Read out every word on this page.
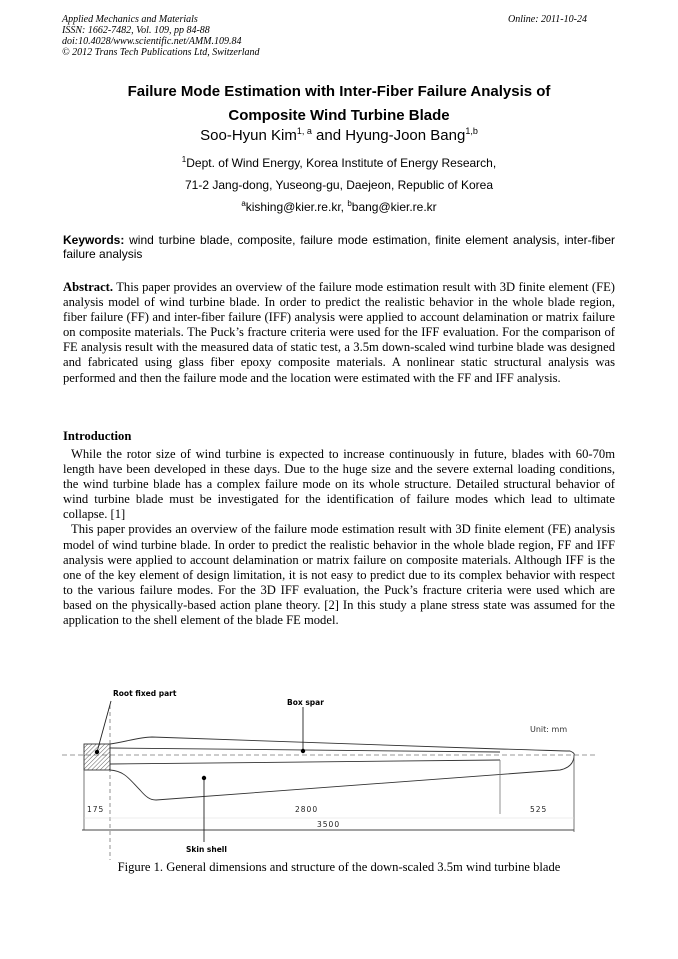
Applied Mechanics and Materials
ISSN: 1662-7482, Vol. 109, pp 84-88
doi:10.4028/www.scientific.net/AMM.109.84
© 2012 Trans Tech Publications Ltd, Switzerland
Online: 2011-10-24
Failure Mode Estimation with Inter-Fiber Failure Analysis of
Composite Wind Turbine Blade
Soo-Hyun Kim$^{1, a}$ and Hyung-Joon Bang$^{1,b}$
$^1$Dept. of Wind Energy, Korea Institute of Energy Research,
71-2 Jang-dong, Yuseong-gu, Daejeon, Republic of Korea
$^a$kishing@kier.re.kr, $^b$bang@kier.re.kr
Keywords: wind turbine blade, composite, failure mode estimation, finite element analysis, inter-fiber failure analysis
Abstract. This paper provides an overview of the failure mode estimation result with 3D finite element (FE) analysis model of wind turbine blade. In order to predict the realistic behavior in the whole blade region, fiber failure (FF) and inter-fiber failure (IFF) analysis were applied to account delamination or matrix failure on composite materials. The Puck’s fracture criteria were used for the IFF evaluation. For the comparison of FE analysis result with the measured data of static test, a 3.5m down-scaled wind turbine blade was designed and fabricated using glass fiber epoxy composite materials. A nonlinear static structural analysis was performed and then the failure mode and the location were estimated with the FF and IFF analysis.
Introduction

While the rotor size of wind turbine is expected to increase continuously in future, blades with 60-70m length have been developed in these days. Due to the huge size and the severe external loading conditions, the wind turbine blade has a complex failure mode on its whole structure. Detailed structural behavior of wind turbine blade must be investigated for the identification of failure modes which lead to ultimate collapse. [1]

This paper provides an overview of the failure mode estimation result with 3D finite element (FE) analysis model of wind turbine blade. In order to predict the realistic behavior in the whole blade region, FF and IFF analysis were applied to account delamination or matrix failure on composite materials. Although IFF is the one of the key element of design limitation, it is not easy to predict due to its complex behavior with respect to the various failure modes. For the 3D IFF evaluation, the Puck’s fracture criteria were used which are based on the physically-based action plane theory. [2] In this study a plane stress state was assumed for the application to the shell element of the blade FE model.

Root fixed part
Box spar
Unit: mm
175	2800	525
3500
Skin shell
Figure 1. General dimensions and structure of the down-scaled 3.5m wind turbine blade
